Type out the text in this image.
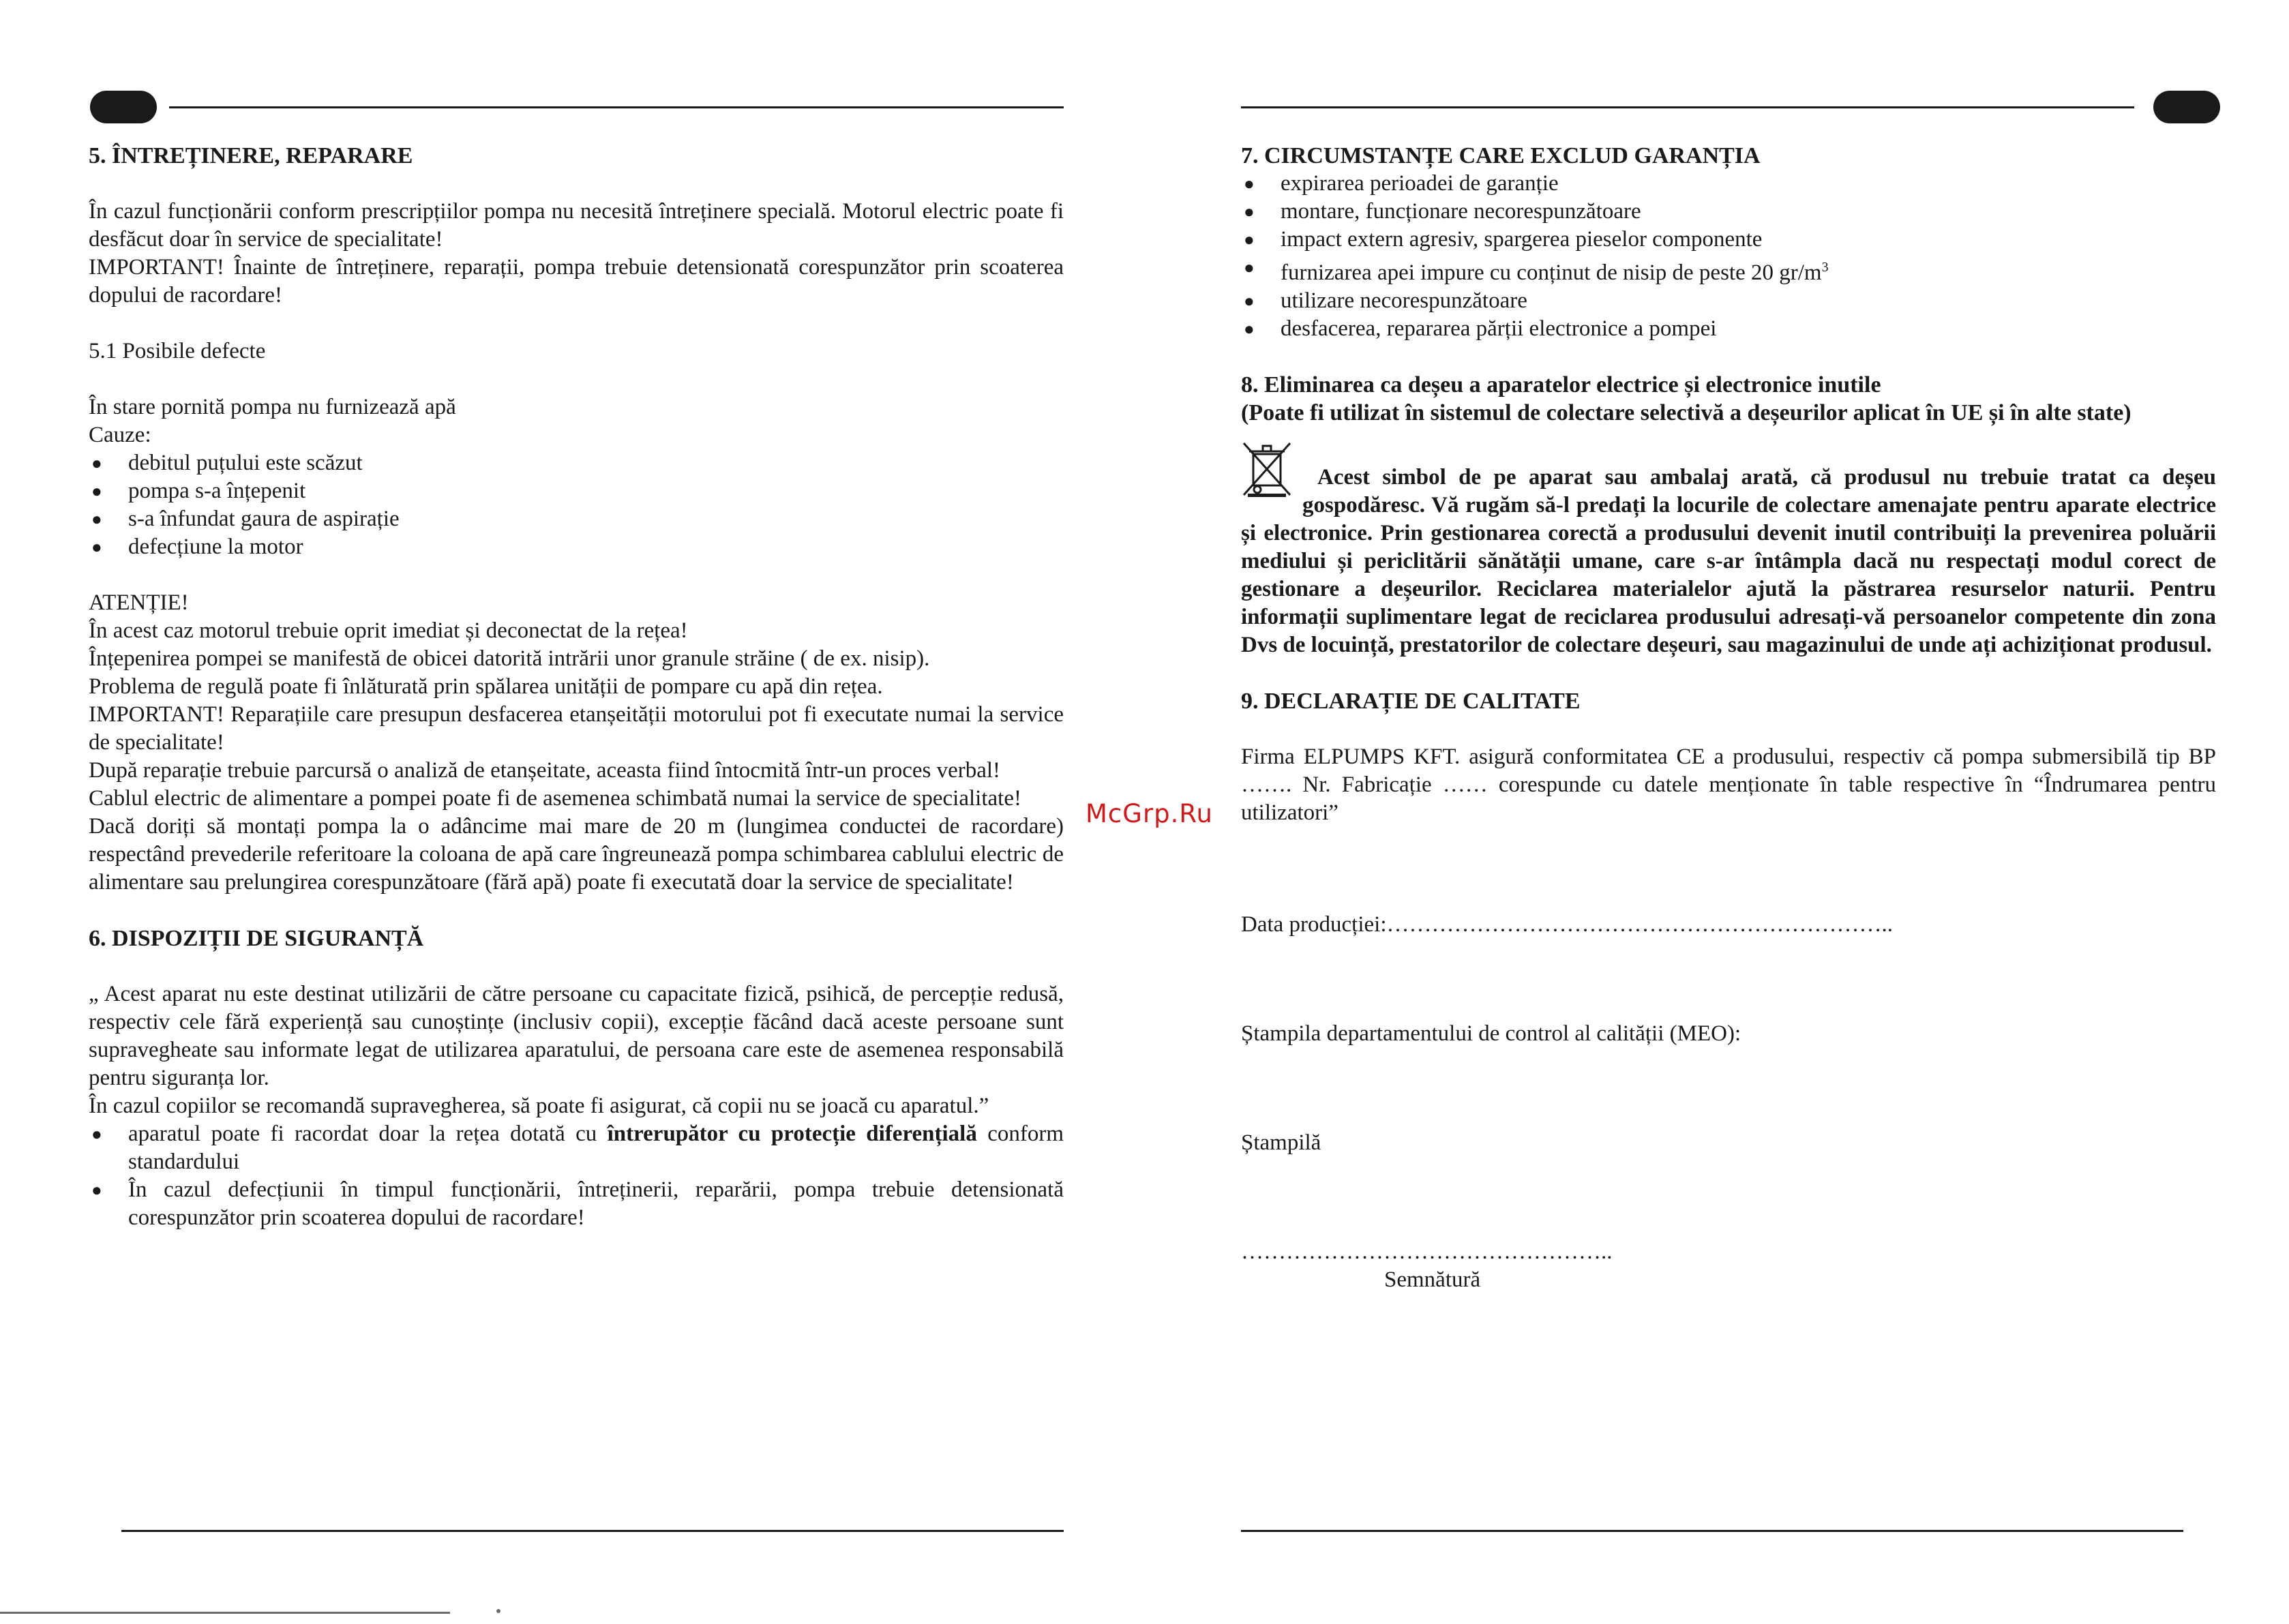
5. ÎNTREȚINERE, REPARARE

În cazul funcționării conform prescripțiilor pompa nu necesită întreținere specială. Motorul electric poate fi desfăcut doar în service de specialitate!

IMPORTANT! Înainte de întreținere, reparații, pompa trebuie detensionată corespunzător prin scoaterea dopului de racordare!

5.1 Posibile defecte

În stare pornită pompa nu furnizează apă

Cauze:

● debitul puțului este scăzut
● pompa s-a înțepenit
● s-a înfundat gaura de aspirație
● defecțiune la motor

ATENȚIE!

În acest caz motorul trebuie oprit imediat și deconectat de la rețea!

Înțepenirea pompei se manifestă de obicei datorită intrării unor granule străine ( de ex. nisip).

Problema de regulă poate fi înlăturată prin spălarea unității de pompare cu apă din rețea.

IMPORTANT! Reparațiile care presupun desfacerea etanșeității motorului pot fi executate numai la service de specialitate!

După reparație trebuie parcursă o analiză de etanșeitate, aceasta fiind întocmită într-un proces verbal!

Cablul electric de alimentare a pompei poate fi de asemenea schimbată numai la service de specialitate!

Dacă doriți să montați pompa la o adâncime mai mare de 20 m (lungimea conductei de racordare) respectând prevederile referitoare la coloana de apă care îngreunează pompa schimbarea cablului electric de alimentare sau prelungirea corespunzătoare (fără apă) poate fi executată doar la service de specialitate!

6. DISPOZIȚII DE SIGURANȚĂ

„ Acest aparat nu este destinat utilizării de către persoane cu capacitate fizică, psihică, de percepție redusă, respectiv cele fără experiență sau cunoștințe (inclusiv copii), excepție făcând dacă aceste persoane sunt supravegheate sau informate legat de utilizarea aparatului, de persoana care este de asemenea responsabilă pentru siguranța lor.

În cazul copiilor se recomandă supravegherea, să poate fi asigurat, că copii nu se joacă cu aparatul.”

● aparatul poate fi racordat doar la rețea dotată cu întrerupător cu protecție diferențială conform standardului
● În cazul defecțiunii în timpul funcționării, întreținerii, reparării, pompa trebuie detensionată corespunzător prin scoaterea dopului de racordare!
McGrp.Ru

7. CIRCUMSTANȚE CARE EXCLUD GARANȚIA

● expirarea perioadei de garanție
● montare, funcționare necorespunzătoare
● impact extern agresiv, spargerea pieselor componente
● furnizarea apei impure cu conținut de nisip de peste 20 $gr/m^3$
● utilizare necorespunzătoare
● desfacerea, repararea părții electronice a pompei

8. Eliminarea ca deșeu a aparatelor electrice și electronice inutile

(Poate fi utilizat în sistemul de colectare selectivă a deșeurilor aplicat în UE și în alte state)

Acest simbol de pe aparat sau ambalaj arată, că produsul nu trebuie tratat ca deșeu gospodăresc. Vă rugăm să-l predați la locurile de colectare amenajate pentru aparate electrice și electronice. Prin gestionarea corectă a produsului devenit inutil contribuiți la prevenirea poluării mediului și periclitării sănătății umane, care s-ar întâmpla dacă nu respectați modul corect de gestionare a deșeurilor. Reciclarea materialelor ajută la păstrarea resurselor naturii. Pentru informații suplimentare legat de reciclarea produsului adresați-vă persoanelor competente din zona Dvs de locuință, prestatorilor de colectare deșeuri, sau magazinului de unde ați achiziționat produsul.

9. DECLARAȚIE DE CALITATE

Firma ELPUMPS KFT. asigură conformitatea CE a produsului, respectiv că pompa submersibilă tip BP ……. Nr. Fabricație …… corespunde cu datele menționate în table respective în “Îndrumarea pentru utilizatori”

Data producției:…………………………………………………………..

Ștampila departamentului de control al calității (MEO):

Ștampilă

…………………………………………..

Semnătură
